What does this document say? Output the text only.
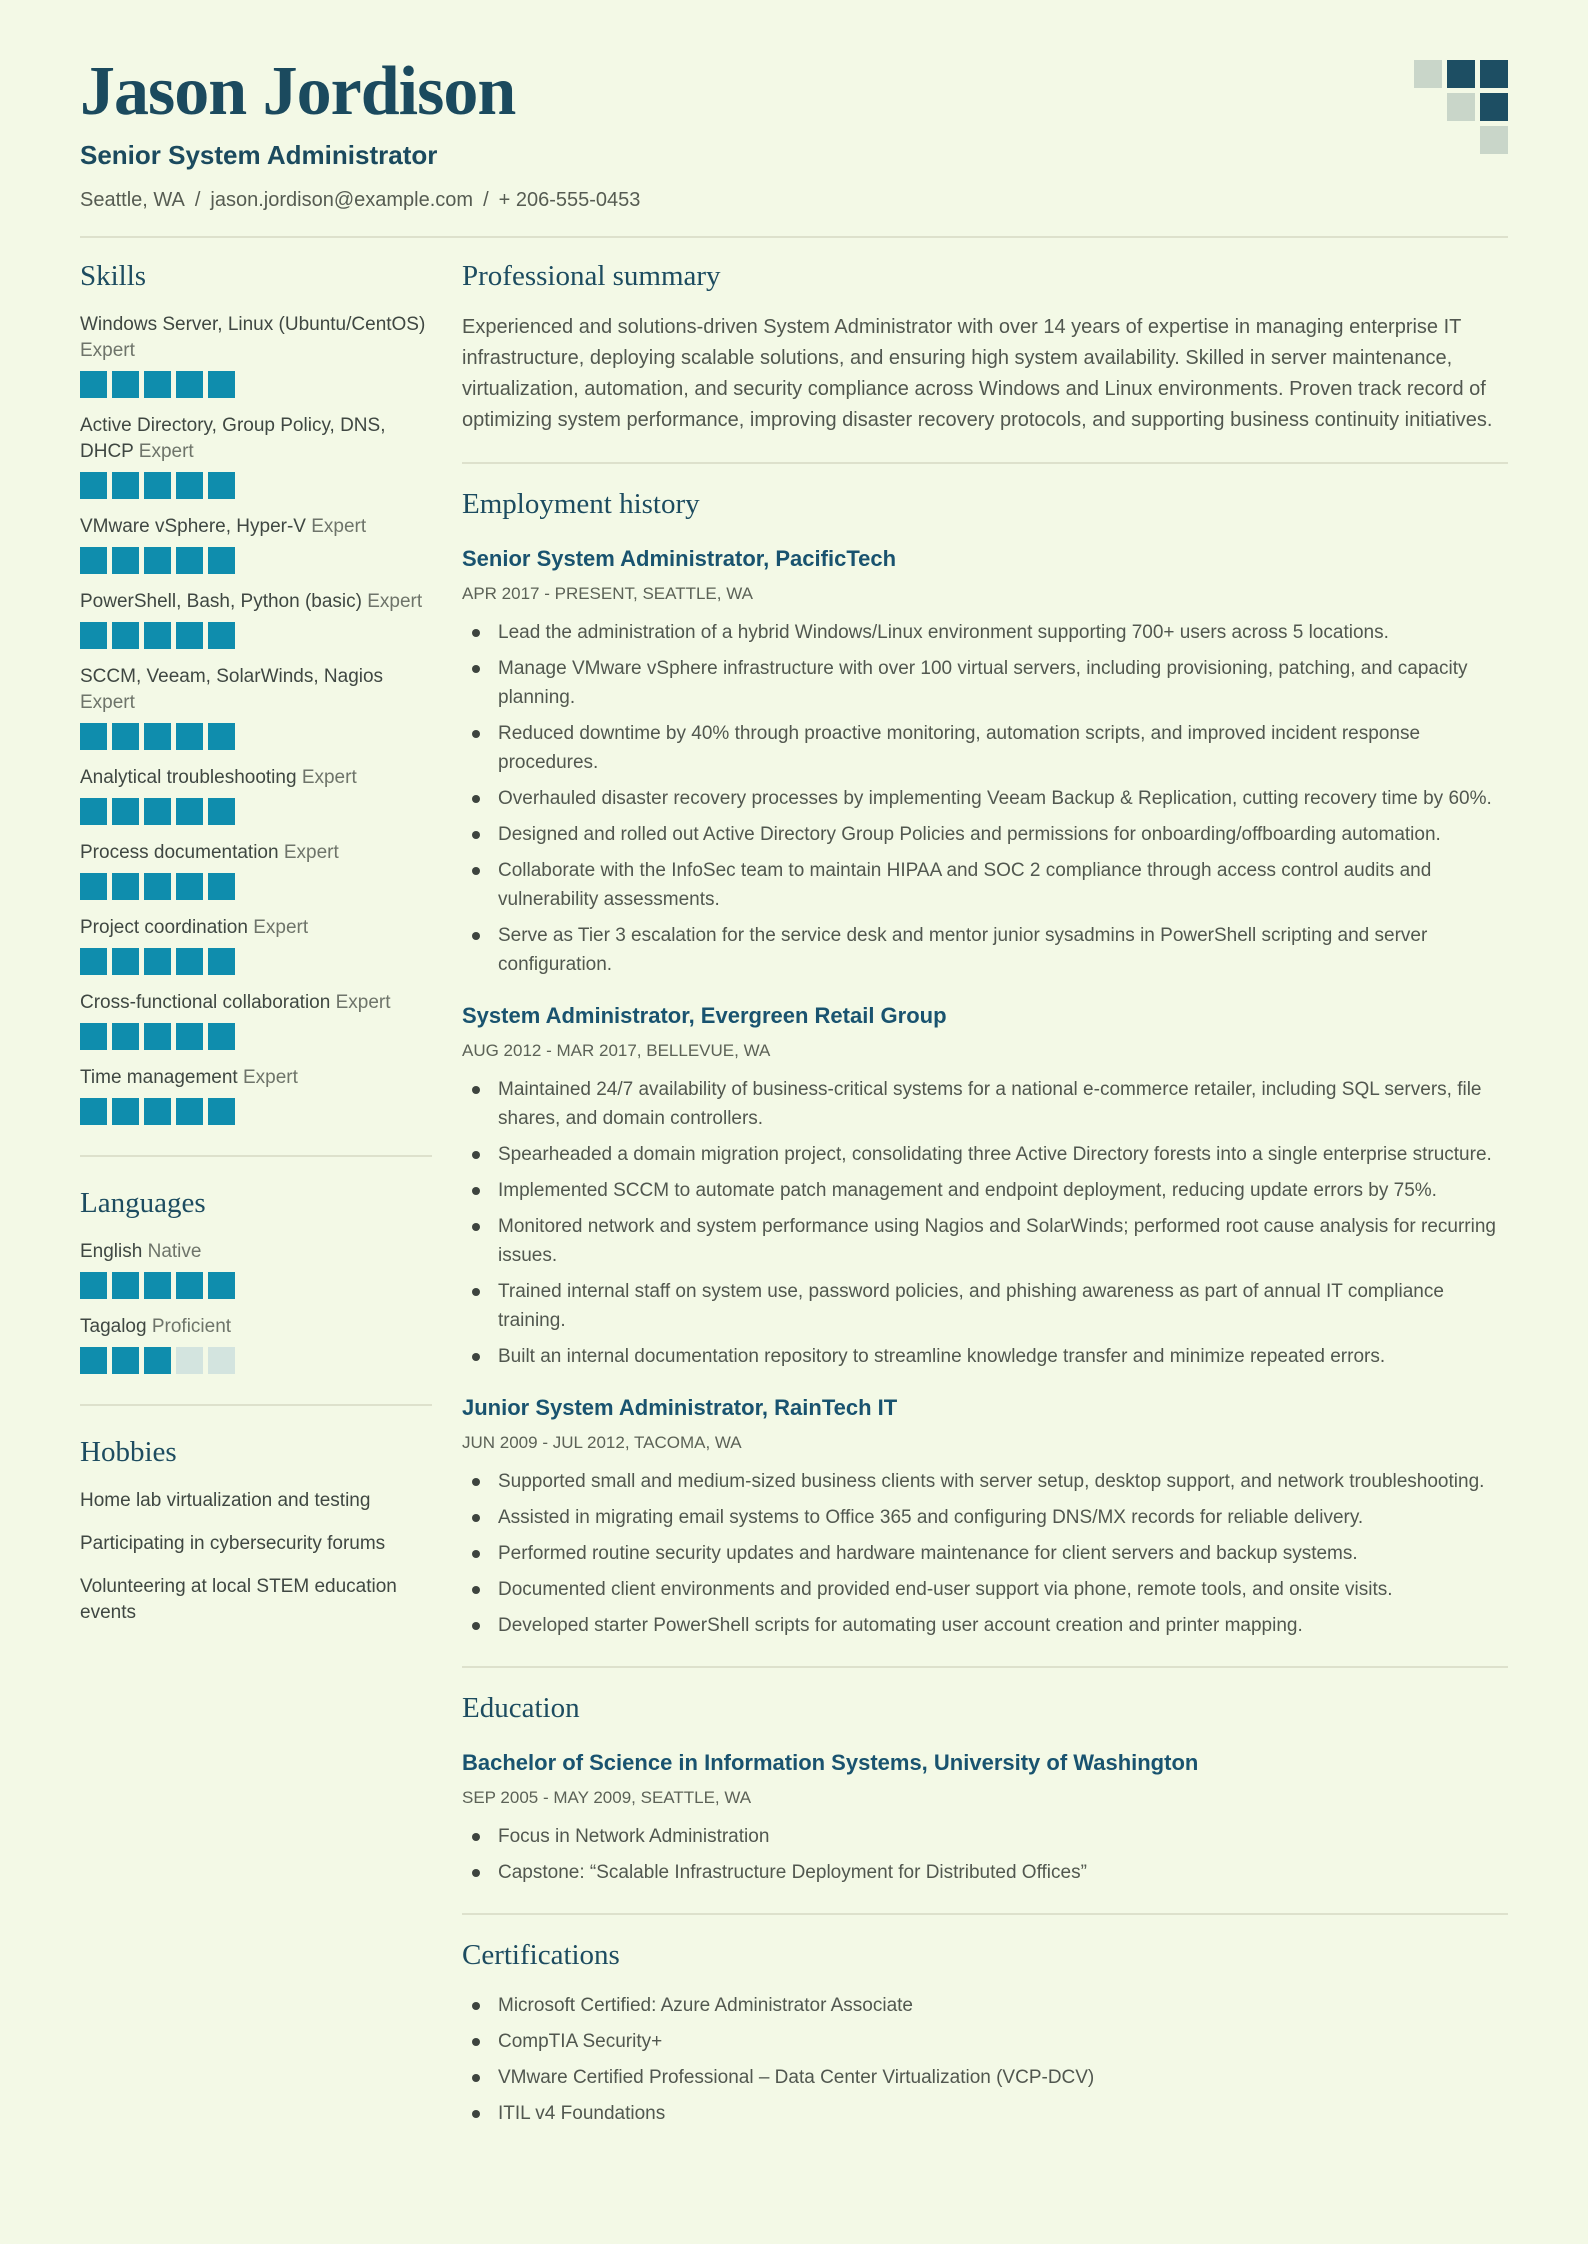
Jason Jordison
Senior System Administrator
Seattle, WA / jason.jordison@example.com / + 206-555-0453
Skills

Windows Server, Linux (Ubuntu/CentOS) Expert

Active Directory, Group Policy, DNS, DHCP Expert

VMware vSphere, Hyper-V Expert

PowerShell, Bash, Python (basic) Expert

SCCM, Veeam, SolarWinds, Nagios Expert

Analytical troubleshooting Expert

Process documentation Expert

Project coordination Expert

Cross-functional collaboration Expert

Time management Expert

Languages

English Native

Tagalog Proficient

Hobbies

Home lab virtualization and testing

Participating in cybersecurity forums

Volunteering at local STEM education events

Professional summary

Experienced and solutions-driven System Administrator with over 14 years of expertise in managing enterprise IT infrastructure, deploying scalable solutions, and ensuring high system availability. Skilled in server maintenance, virtualization, automation, and security compliance across Windows and Linux environments. Proven track record of optimizing system performance, improving disaster recovery protocols, and supporting business continuity initiatives.

Employment history
Senior System Administrator, PacificTech

APR 2017 - PRESENT, SEATTLE, WA

Lead the administration of a hybrid Windows/Linux environment supporting 700+ users across 5 locations.
Manage VMware vSphere infrastructure with over 100 virtual servers, including provisioning, patching, and capacity planning.
Reduced downtime by 40% through proactive monitoring, automation scripts, and improved incident response procedures.
Overhauled disaster recovery processes by implementing Veeam Backup & Replication, cutting recovery time by 60%.
Designed and rolled out Active Directory Group Policies and permissions for onboarding/offboarding automation.
Collaborate with the InfoSec team to maintain HIPAA and SOC 2 compliance through access control audits and vulnerability assessments.
Serve as Tier 3 escalation for the service desk and mentor junior sysadmins in PowerShell scripting and server configuration.
System Administrator, Evergreen Retail Group

AUG 2012 - MAR 2017, BELLEVUE, WA

Maintained 24/7 availability of business-critical systems for a national e-commerce retailer, including SQL servers, file shares, and domain controllers.
Spearheaded a domain migration project, consolidating three Active Directory forests into a single enterprise structure.
Implemented SCCM to automate patch management and endpoint deployment, reducing update errors by 75%.
Monitored network and system performance using Nagios and SolarWinds; performed root cause analysis for recurring issues.
Trained internal staff on system use, password policies, and phishing awareness as part of annual IT compliance training.
Built an internal documentation repository to streamline knowledge transfer and minimize repeated errors.
Junior System Administrator, RainTech IT

JUN 2009 - JUL 2012, TACOMA, WA

Supported small and medium-sized business clients with server setup, desktop support, and network troubleshooting.
Assisted in migrating email systems to Office 365 and configuring DNS/MX records for reliable delivery.
Performed routine security updates and hardware maintenance for client servers and backup systems.
Documented client environments and provided end-user support via phone, remote tools, and onsite visits.
Developed starter PowerShell scripts for automating user account creation and printer mapping.
Education
Bachelor of Science in Information Systems, University of Washington

SEP 2005 - MAY 2009, SEATTLE, WA

Focus in Network Administration
Capstone: “Scalable Infrastructure Deployment for Distributed Offices”
Certifications
Microsoft Certified: Azure Administrator Associate
CompTIA Security+
VMware Certified Professional – Data Center Virtualization (VCP-DCV)
ITIL v4 Foundations
